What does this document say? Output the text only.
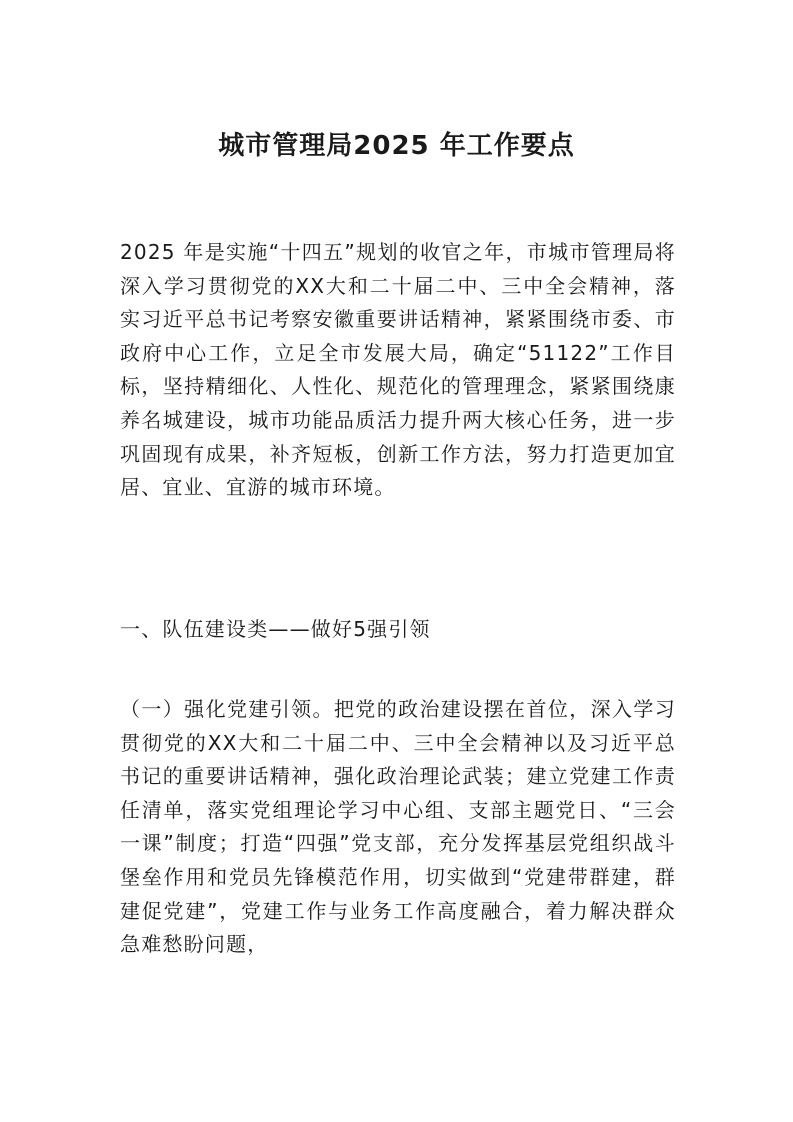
城市管理局2025 年工作要点
2025 年是实施“十四五”规划的收官之年，市城市管理局将深入学习贯彻党的XX大和二十届二中、三中全会精神，落实习近平总书记考察安徽重要讲话精神，紧紧围绕市委、市政府中心工作，立足全市发展大局，确定“51122”工作目标，坚持精细化、人性化、规范化的管理理念，紧紧围绕康养名城建设，城市功能品质活力提升两大核心任务，进一步巩固现有成果，补齐短板，创新工作方法，努力打造更加宜居、宜业、宜游的城市环境。
一、队伍建设类——做好5强引领
（一）强化党建引领。把党的政治建设摆在首位，深入学习贯彻党的XX大和二十届二中、三中全会精神以及习近平总书记的重要讲话精神，强化政治理论武装；建立党建工作责任清单，落实党组理论学习中心组、支部主题党日、“三会一课”制度；打造“四强”党支部，充分发挥基层党组织战斗堡垒作用和党员先锋模范作用，切实做到“党建带群建，群建促党建”，党建工作与业务工作高度融合，着力解决群众急难愁盼问题，
